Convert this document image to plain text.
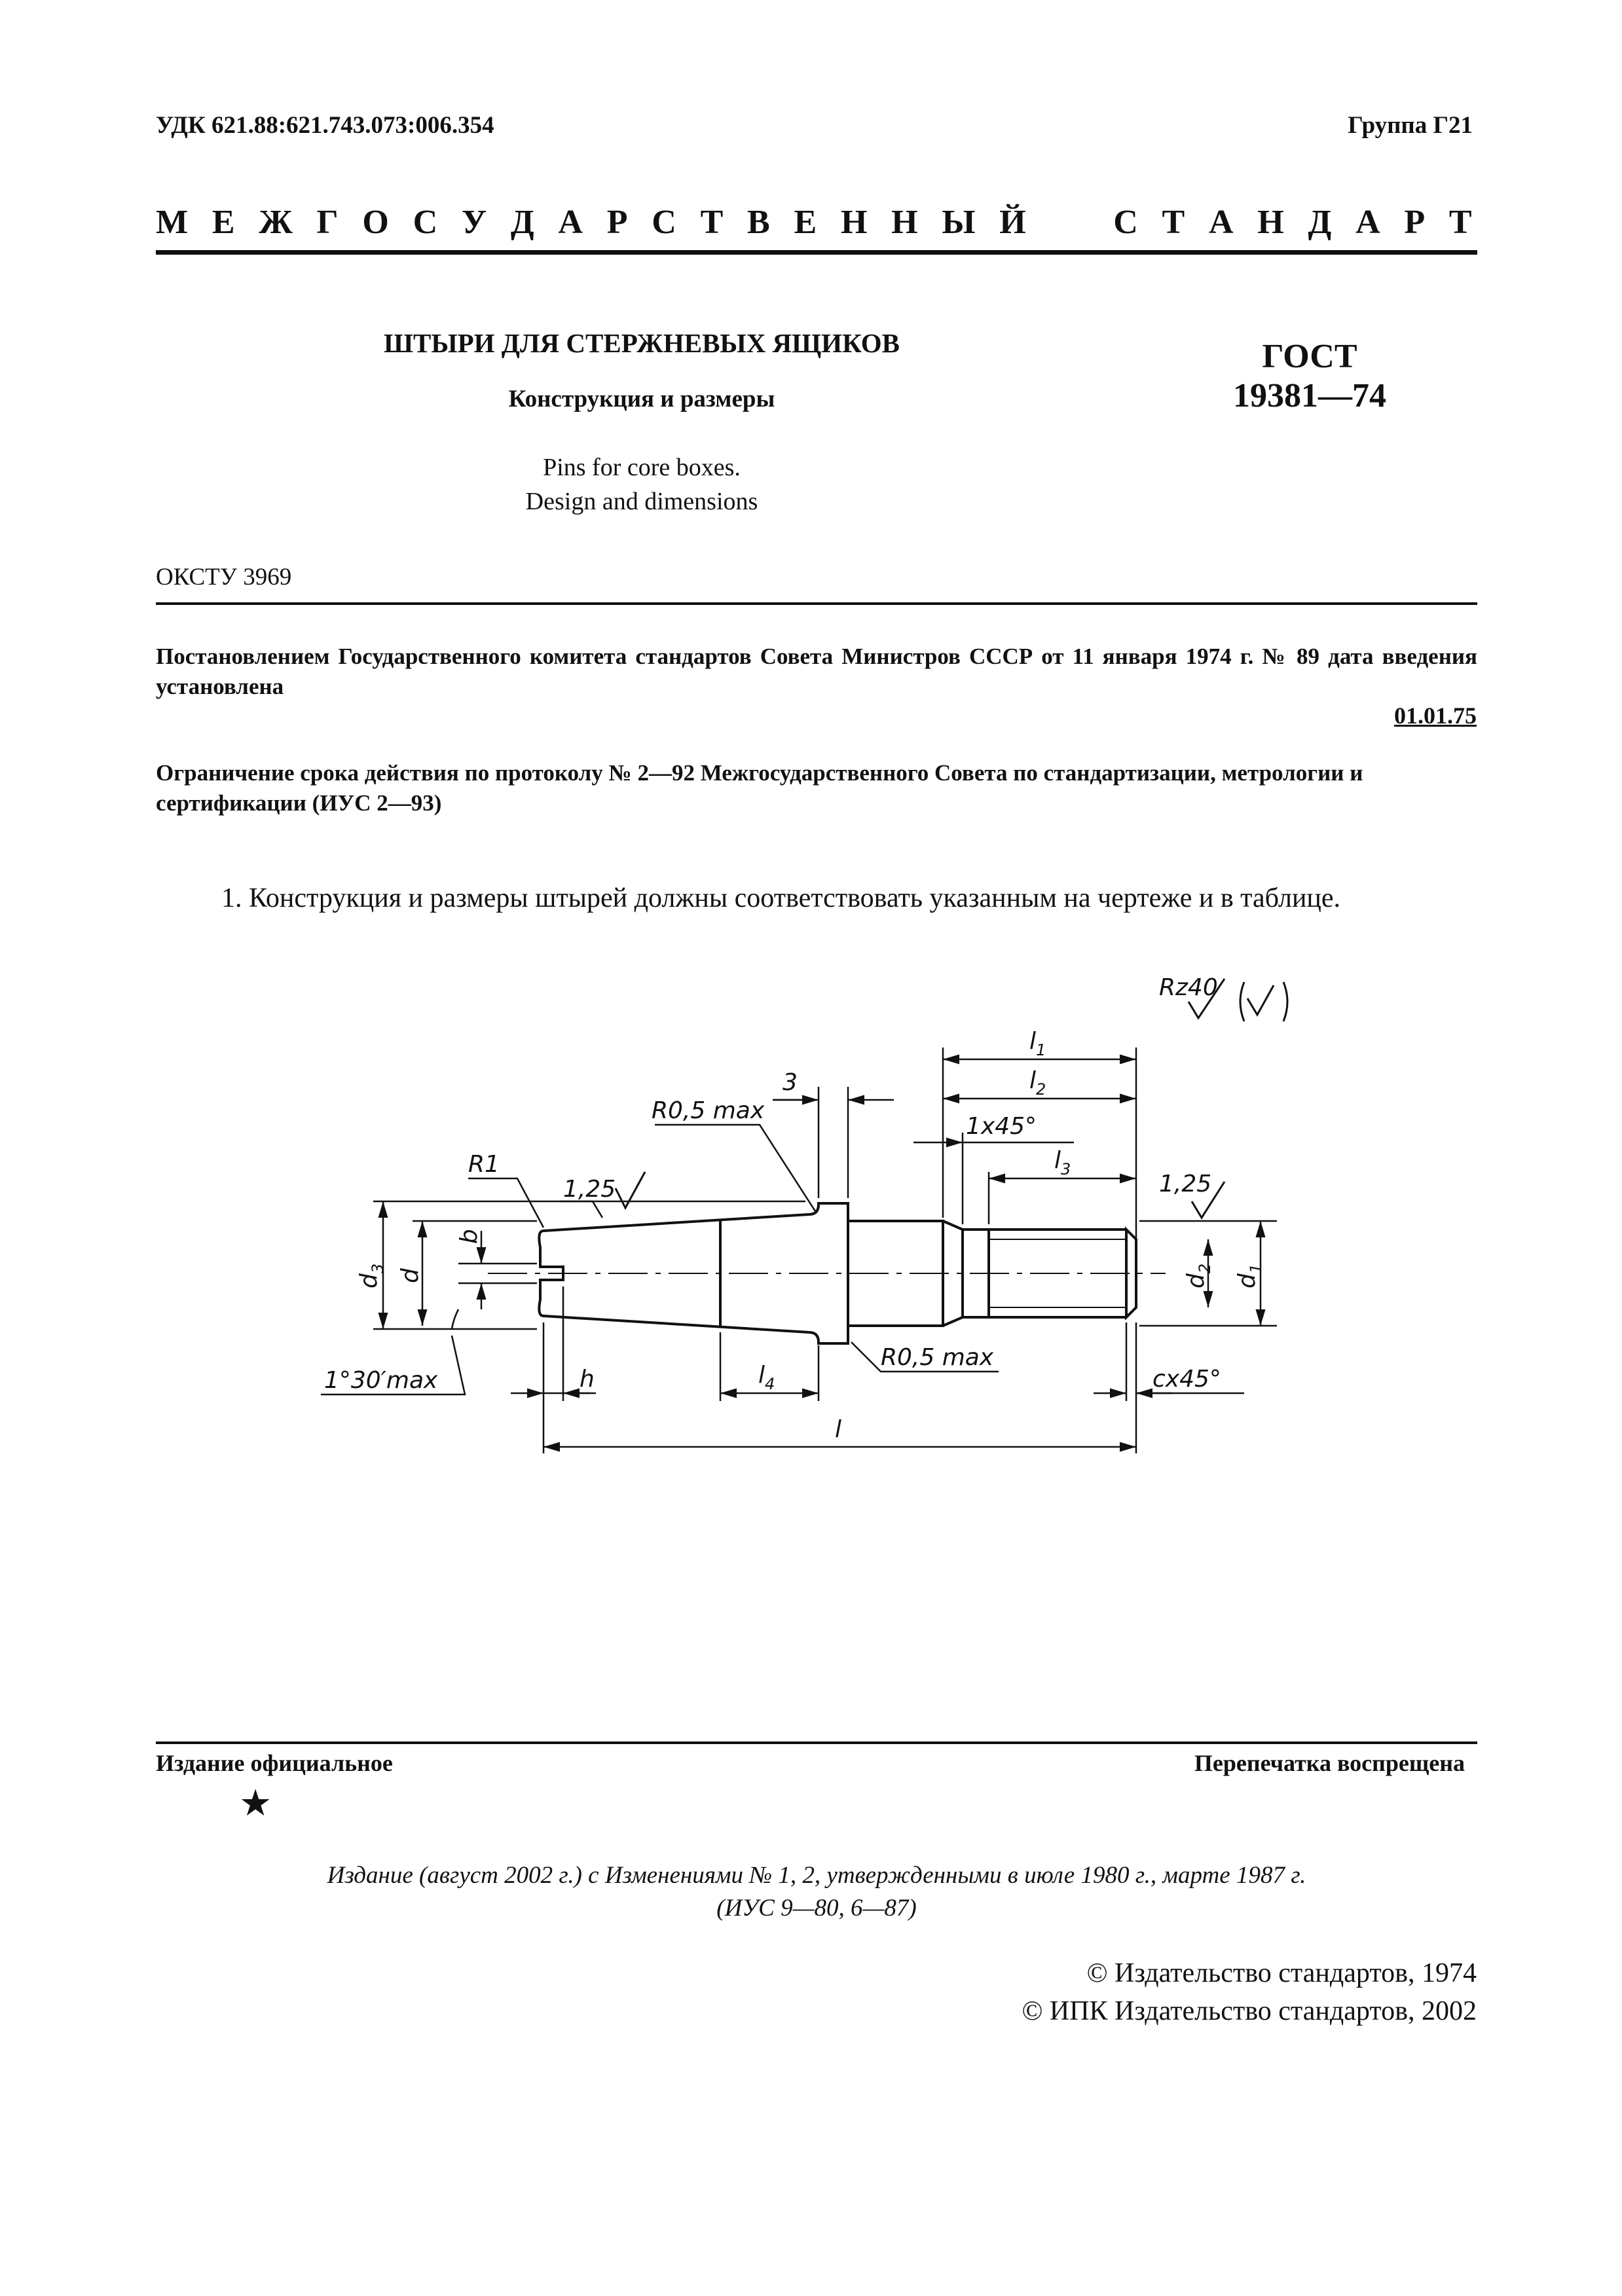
УДК 621.88:621.743.073:006.354	Группа Г21
М Е Ж Г О С У Д А Р С Т В Е Н Н Ы Й	С Т А Н Д А Р Т
ШТЫРИ ДЛЯ СТЕРЖНЕВЫХ ЯЩИКОВ
Конструкция и размеры
Pins for core boxes.
Design and dimensions
ГОСТ
19381—74
ОКСТУ 3969
Постановлением Государственного комитета стандартов Совета Министров СССР от 11 января 1974 г. № 89 дата введения установлена
01.01.75
Ограничение срока действия по протоколу № 2—92 Межгосударственного Совета по стандартизации, метрологии и сертификации (ИУС 2—93)
1. Конструкция и размеры штырей должны соответствовать указанным на чертеже и в таблице.
Rz40
$l_1$
$l_2$
$l_3$
3
R0,5 max
R0,5 max
1x45°
R1
1,25	1,25
b
d
$d_3$
$d_2$
$d_1$
h	$l_4$
l
1°30′max	cx45°
Издание официальное	Перепечатка воспрещена
★
Издание (август 2002 г.) с Изменениями № 1, 2, утвержденными в июле 1980 г., марте 1987 г.
(ИУС 9—80, 6—87)
© Издательство стандартов, 1974
© ИПК Издательство стандартов, 2002
